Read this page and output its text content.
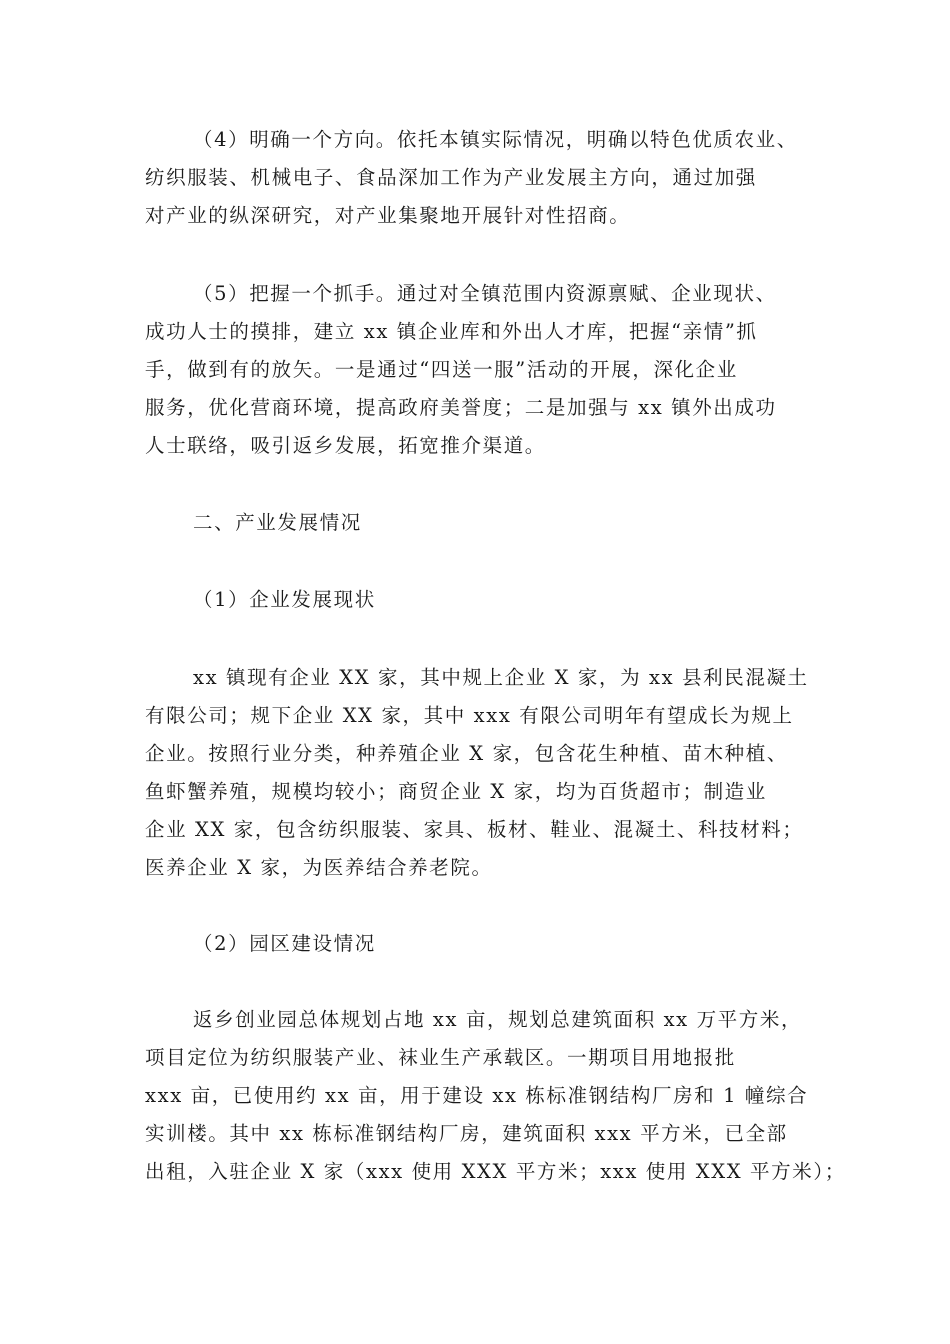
（4）明确一个方向。依托本镇实际情况，明确以特色优质农业、
纺织服装、机械电子、食品深加工作为产业发展主方向，通过加强
对产业的纵深研究，对产业集聚地开展针对性招商。
（5）把握一个抓手。通过对全镇范围内资源禀赋、企业现状、
成功人士的摸排，建立 xx 镇企业库和外出人才库，把握“亲情”抓
手，做到有的放矢。一是通过“四送一服”活动的开展，深化企业
服务，优化营商环境，提高政府美誉度；二是加强与 xx 镇外出成功
人士联络，吸引返乡发展，拓宽推介渠道。
二、产业发展情况
（1）企业发展现状
xx 镇现有企业 XX 家，其中规上企业 X 家，为 xx 县利民混凝土
有限公司；规下企业 XX 家，其中 xxx 有限公司明年有望成长为规上
企业。按照行业分类，种养殖企业 X 家，包含花生种植、苗木种植、
鱼虾蟹养殖，规模均较小；商贸企业 X 家，均为百货超市；制造业
企业 XX 家，包含纺织服装、家具、板材、鞋业、混凝土、科技材料；
医养企业 X 家，为医养结合养老院。
（2）园区建设情况
返乡创业园总体规划占地 xx 亩，规划总建筑面积 xx 万平方米，
项目定位为纺织服装产业、袜业生产承载区。一期项目用地报批
xxx 亩，已使用约 xx 亩，用于建设 xx 栋标准钢结构厂房和 1 幢综合
实训楼。其中 xx 栋标准钢结构厂房，建筑面积 xxx 平方米，已全部
出租，入驻企业 X 家（xxx 使用 XXX 平方米；xxx 使用 XXX 平方米）；
